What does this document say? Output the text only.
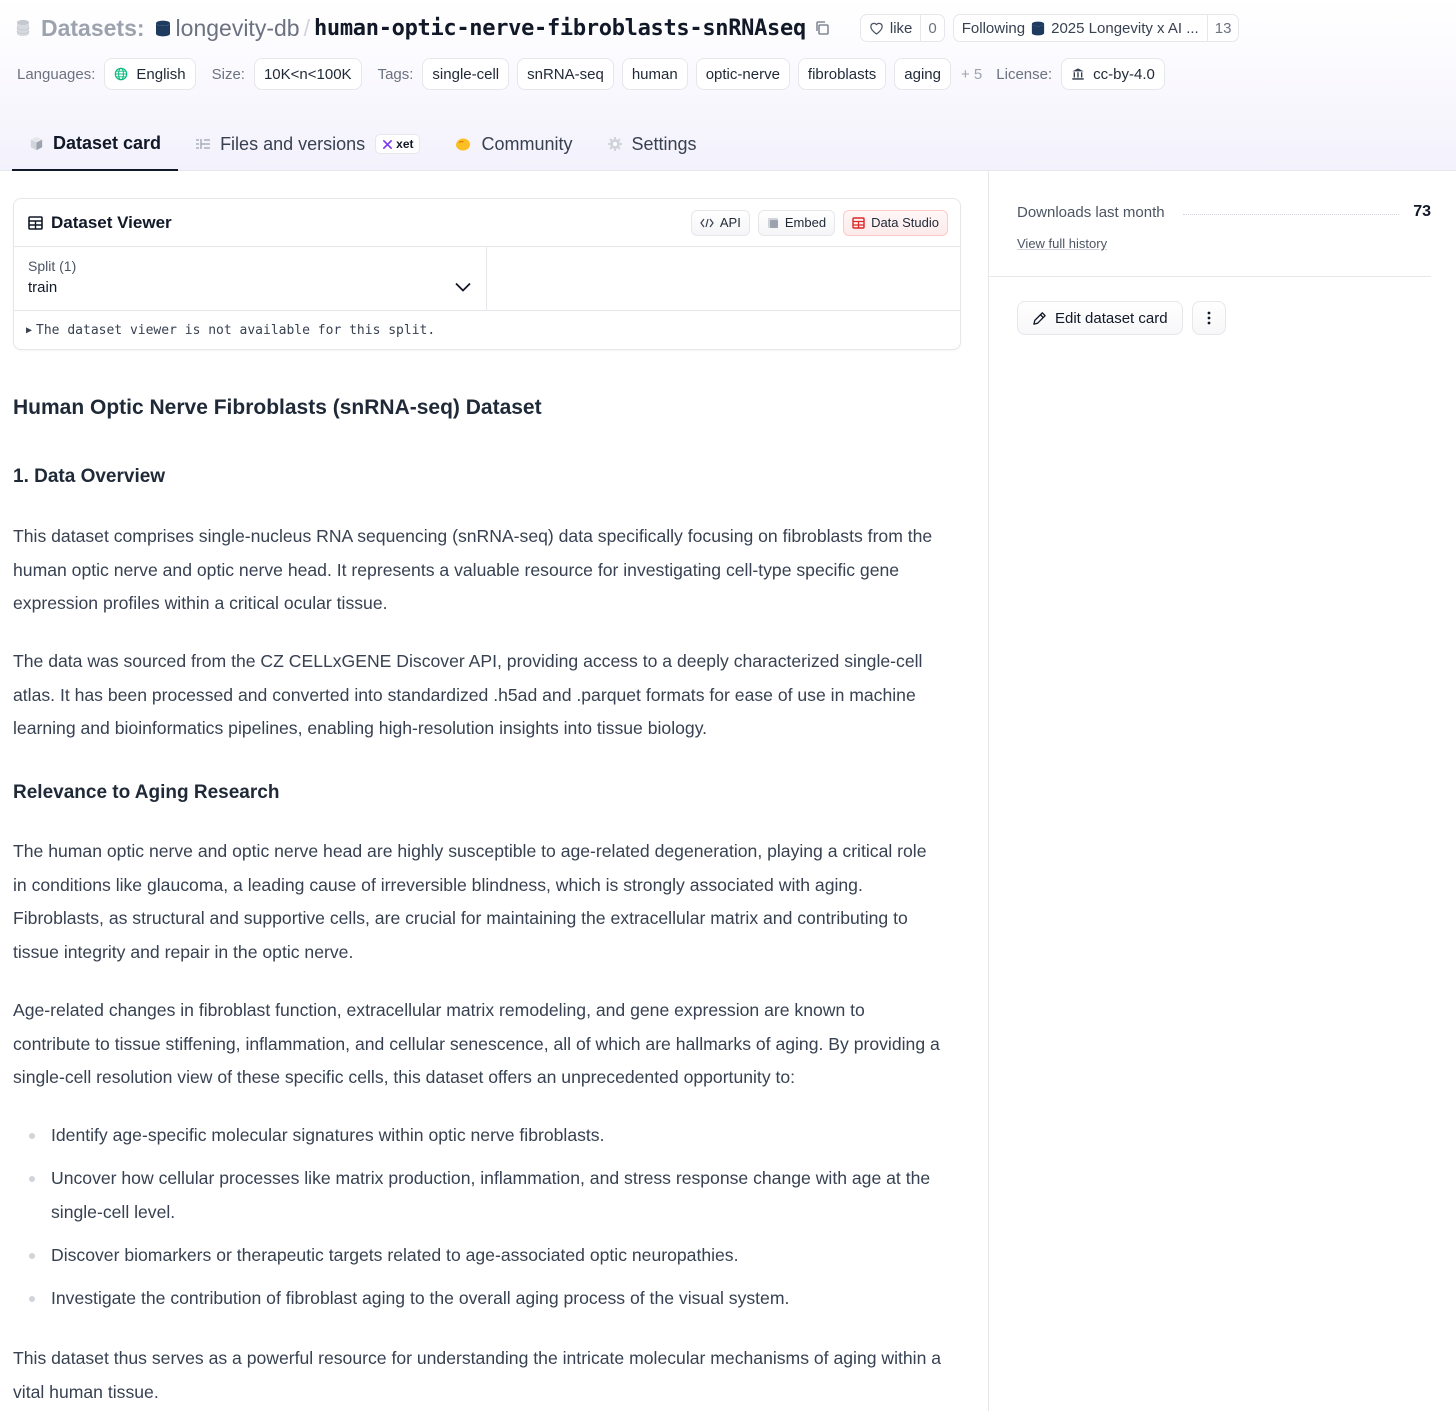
Datasets: longevity-db / human-optic-nerve-fibroblasts-snRNAseq	like	0	Following 2025 Longevity x AI ...	13
Languages:	English Size:	10K<n<100K	Tags:	single-cell	snRNA-seq	human	optic-nerve	fibroblasts	aging	+ 5 License:	cc-by-4.0
Dataset card	Files and versions	xet	Community	Settings
Dataset Viewer	API	Embed	Data Studio
Split (1)
train
▶ The dataset viewer is not available for this split.
Human Optic Nerve Fibroblasts (snRNA-seq) Dataset
1. Data Overview

This dataset comprises single-nucleus RNA sequencing (snRNA-seq) data specifically focusing on fibroblasts from the human optic nerve and optic nerve head. It represents a valuable resource for investigating cell-type specific gene expression profiles within a critical ocular tissue.

The data was sourced from the CZ CELLxGENE Discover API, providing access to a deeply characterized single-cell atlas. It has been processed and converted into standardized .h5ad and .parquet formats for ease of use in machine learning and bioinformatics pipelines, enabling high-resolution insights into tissue biology.

Relevance to Aging Research

The human optic nerve and optic nerve head are highly susceptible to age-related degeneration, playing a critical role in conditions like glaucoma, a leading cause of irreversible blindness, which is strongly associated with aging. Fibroblasts, as structural and supportive cells, are crucial for maintaining the extracellular matrix and contributing to tissue integrity and repair in the optic nerve.

Age-related changes in fibroblast function, extracellular matrix remodeling, and gene expression are known to contribute to tissue stiffening, inflammation, and cellular senescence, all of which are hallmarks of aging. By providing a single-cell resolution view of these specific cells, this dataset offers an unprecedented opportunity to:

Identify age-specific molecular signatures within optic nerve fibroblasts.
Uncover how cellular processes like matrix production, inflammation, and stress response change with age at the single-cell level.
Discover biomarkers or therapeutic targets related to age-associated optic neuropathies.
Investigate the contribution of fibroblast aging to the overall aging process of the visual system.

This dataset thus serves as a powerful resource for understanding the intricate molecular mechanisms of aging within a vital human tissue.

Downloads last month	73
View full history
Edit dataset card
